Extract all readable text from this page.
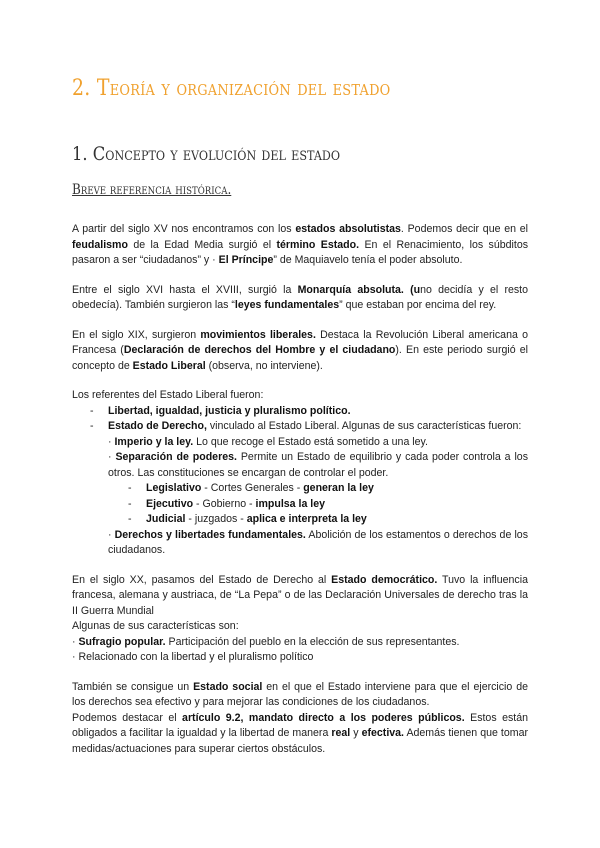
2. Teoría y organización del estado
1. Concepto y evolución del estado
Breve referencia histórica.

A partir del siglo XV nos encontramos con los estados absolutistas. Podemos decir que en el feudalismo de la Edad Media surgió el término Estado. En el Renacimiento, los súbditos pasaron a ser “ciudadanos” y · El Príncipe” de Maquiavelo tenía el poder absoluto.

Entre el siglo XVI hasta el XVIII, surgió la Monarquía absoluta. (uno decidía y el resto obedecía). También surgieron las “leyes fundamentales” que estaban por encima del rey.

En el siglo XIX, surgieron movimientos liberales. Destaca la Revolución Liberal americana o Francesa (Declaración de derechos del Hombre y el ciudadano). En este periodo surgió el concepto de Estado Liberal (observa, no interviene).

Los referentes del Estado Liberal fueron:
- Libertad, igualdad, justicia y pluralismo político.
- Estado de Derecho, vinculado al Estado Liberal. Algunas de sus características fueron:
· Imperio y la ley. Lo que recoge el Estado está sometido a una ley.
· Separación de poderes. Permite un Estado de equilibrio y cada poder controla a los otros. Las constituciones se encargan de controlar el poder.
- Legislativo - Cortes Generales - generan la ley
- Ejecutivo - Gobierno - impulsa la ley
- Judicial - juzgados - aplica e interpreta la ley
· Derechos y libertades fundamentales. Abolición de los estamentos o derechos de los ciudadanos.

En el siglo XX, pasamos del Estado de Derecho al Estado democrático. Tuvo la influencia francesa, alemana y austriaca, de “La Pepa” o de las Declaración Universales de derecho tras la II Guerra Mundial

Algunas de sus características son:
· Sufragio popular. Participación del pueblo en la elección de sus representantes.
· Relacionado con la libertad y el pluralismo político

También se consigue un Estado social en el que el Estado interviene para que el ejercicio de los derechos sea efectivo y para mejorar las condiciones de los ciudadanos.

Podemos destacar el artículo 9.2, mandato directo a los poderes públicos. Estos están obligados a facilitar la igualdad y la libertad de manera real y efectiva. Además tienen que tomar medidas/actuaciones para superar ciertos obstáculos.
